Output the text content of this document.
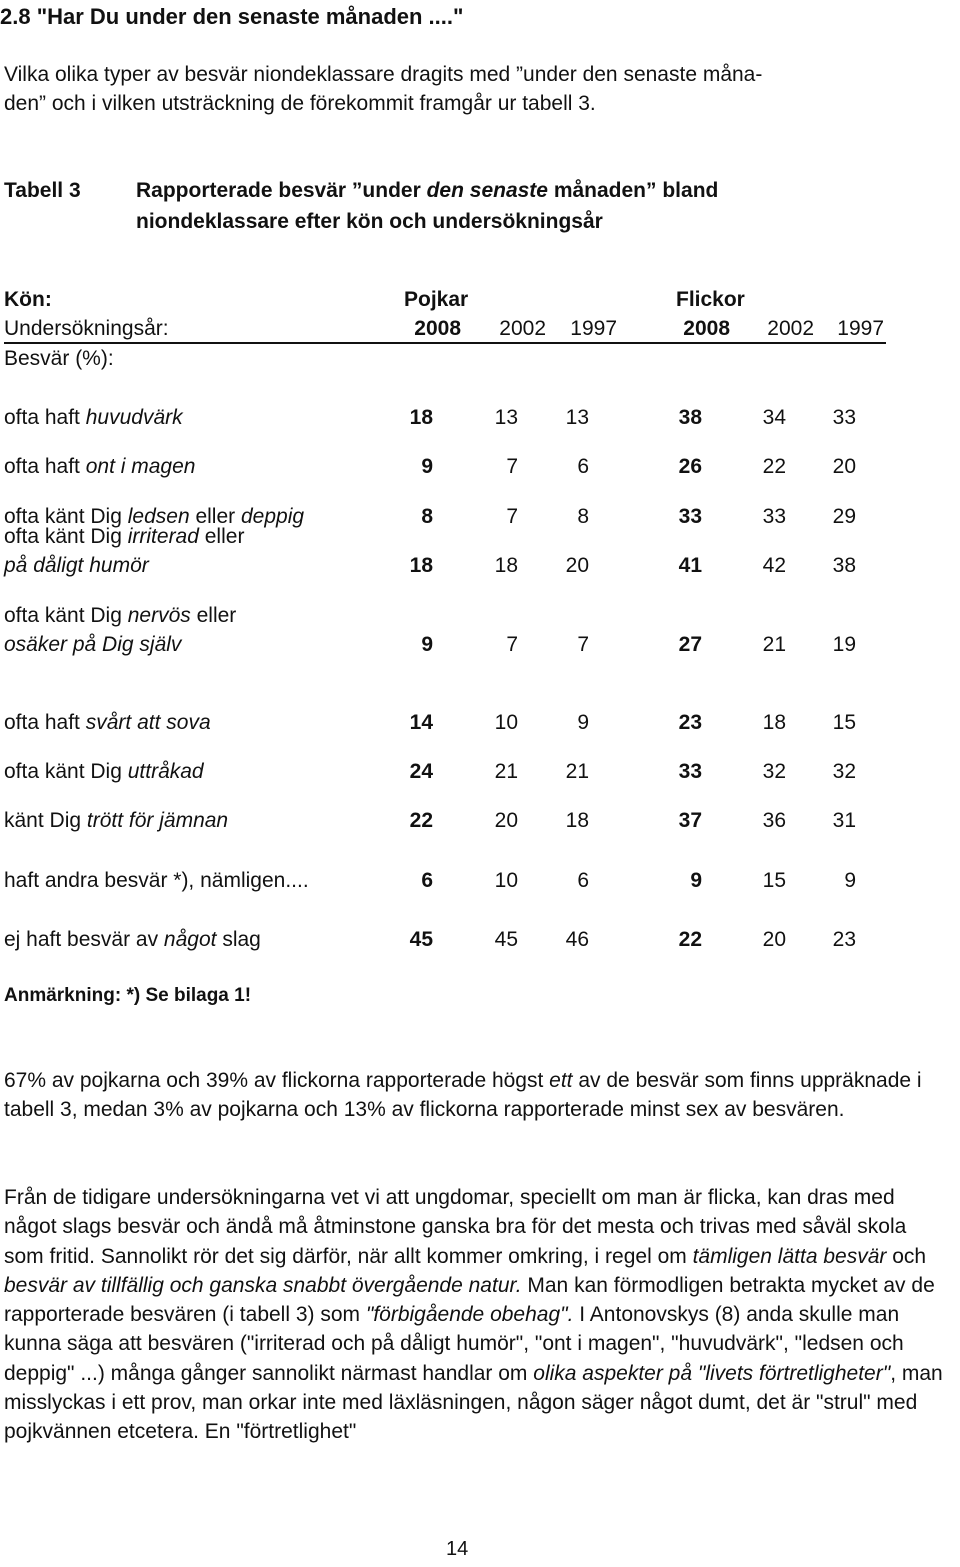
2.8 "Har Du under den senaste månaden ...."
Vilka olika typer av besvär niondeklassare dragits med ”under den senaste måna-
den” och i vilken utsträckning de förekommit framgår ur tabell 3.
Tabell 3	Rapporterade besvär ”under den senaste månaden” bland
niondeklassare efter kön och undersökningsår
Kön:	Pojkar	Flickor
Undersökningsår:	2008	2002	1997	2008	2002	1997
Besvär (%):
ofta haft huvudvärk	18	13	13	38	34	33
ofta haft ont i magen	9	7	6	26	22	20
ofta känt Dig ledsen eller deppig	8	7	8	33	33	29
ofta känt Dig irriterad eller
på dåligt humör	18	18	20	41	42	38
ofta känt Dig nervös eller
osäker på Dig själv	9	7	7	27	21	19
ofta haft svårt att sova	14	10	9	23	18	15
ofta känt Dig uttråkad	24	21	21	33	32	32
känt Dig trött för jämnan	22	20	18	37	36	31
haft andra besvär *), nämligen....	6	10	6	9	15	9
ej haft besvär av något slag	45	45	46	22	20	23
Anmärkning: *) Se bilaga 1!

67% av pojkarna och 39% av flickorna rapporterade högst ett av de besvär som finns uppräknade i tabell 3, medan 3% av pojkarna och 13% av flickorna rapporterade minst sex av besvären.

Från de tidigare undersökningarna vet vi att ungdomar, speciellt om man är flicka, kan dras med något slags besvär och ändå må åtminstone ganska bra för det mesta och trivas med såväl skola som fritid. Sannolikt rör det sig därför, när allt kommer omkring, i regel om tämligen lätta besvär och besvär av tillfällig och ganska snabbt övergående natur. Man kan förmodligen betrakta mycket av de rapporterade besvären (i tabell 3) som "förbigående obehag". I Antonovskys (8) anda skulle man kunna säga att besvären ("irriterad och på dåligt humör", "ont i magen", "huvudvärk", "ledsen och deppig" ...) många gånger sannolikt närmast handlar om olika aspekter på "livets förtretligheter", man misslyckas i ett prov, man orkar inte med läxläsningen, någon säger något dumt, det är "strul" med pojkvännen etcetera. En "förtretlighet"

14
